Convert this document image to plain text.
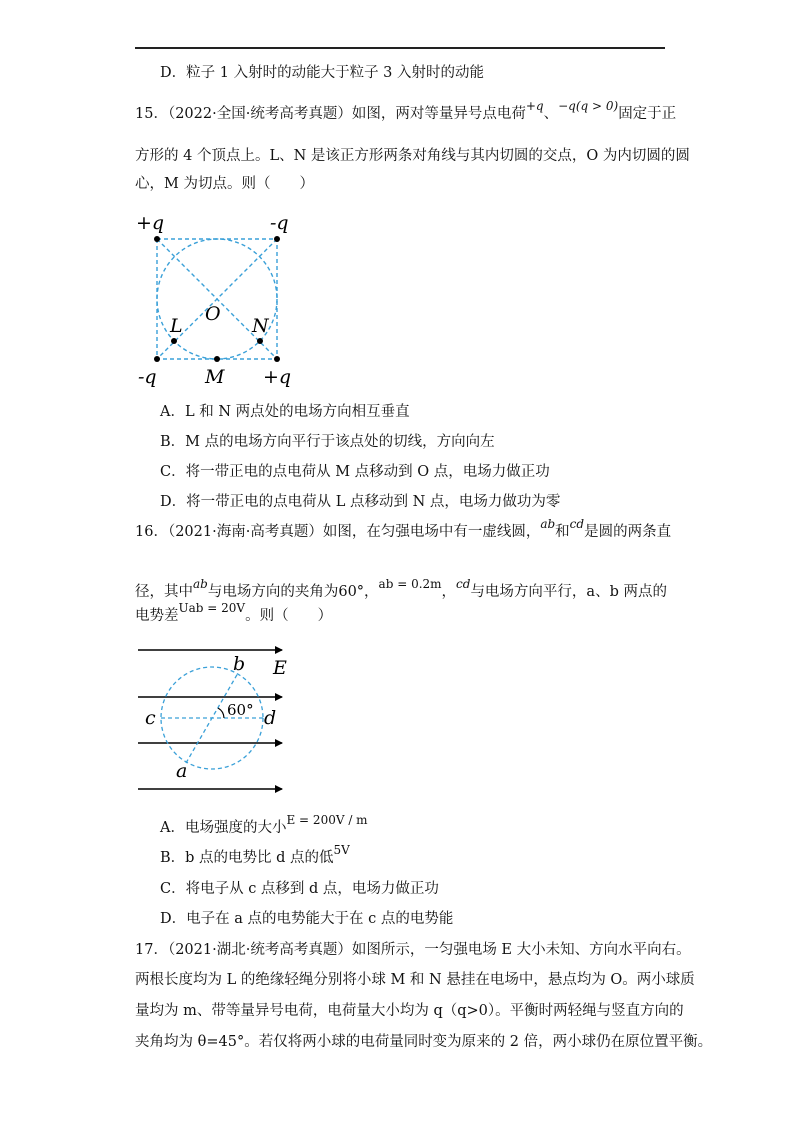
D．粒子 1 入射时的动能大于粒子 3 入射时的动能
15．（2022·全国·统考高考真题）如图，两对等量异号点电荷$^{+q}$、$^{-q(q > 0)}$固定于正
方形的 4 个顶点上。L、N 是该正方形两条对角线与其内切圆的交点，O 为内切圆的圆
心，M 为切点。则（　　）
+q	-q
-q	+q
O
L	N
M
A．L 和 N 两点处的电场方向相互垂直
B．M 点的电场方向平行于该点处的切线，方向向左
C．将一带正电的点电荷从 M 点移动到 O 点，电场力做正功
D．将一带正电的点电荷从 L 点移动到 N 点，电场力做功为零
16．（2021·海南·高考真题）如图，在匀强电场中有一虚线圆，$^{ab}$和$^{cd}$是圆的两条直
径，其中$^{ab}$与电场方向的夹角为60°，$^{ab = 0.2m}$，$^{cd}$与电场方向平行，a、b 两点的
电势差$^{Uab = 20V}$。则（　　）
E
b
c	d
a
60°
A．电场强度的大小$^{E = 200V / m}$
B．b 点的电势比 d 点的低$^{5V}$
C．将电子从 c 点移到 d 点，电场力做正功
D．电子在 a 点的电势能大于在 c 点的电势能
17．（2021·湖北·统考高考真题）如图所示，一匀强电场 E 大小未知、方向水平向右。
两根长度均为 L 的绝缘轻绳分别将小球 M 和 N 悬挂在电场中，悬点均为 O。两小球质
量均为 m、带等量异号电荷，电荷量大小均为 q（q>0）。平衡时两轻绳与竖直方向的
夹角均为 θ=45°。若仅将两小球的电荷量同时变为原来的 2 倍，两小球仍在原位置平衡。
